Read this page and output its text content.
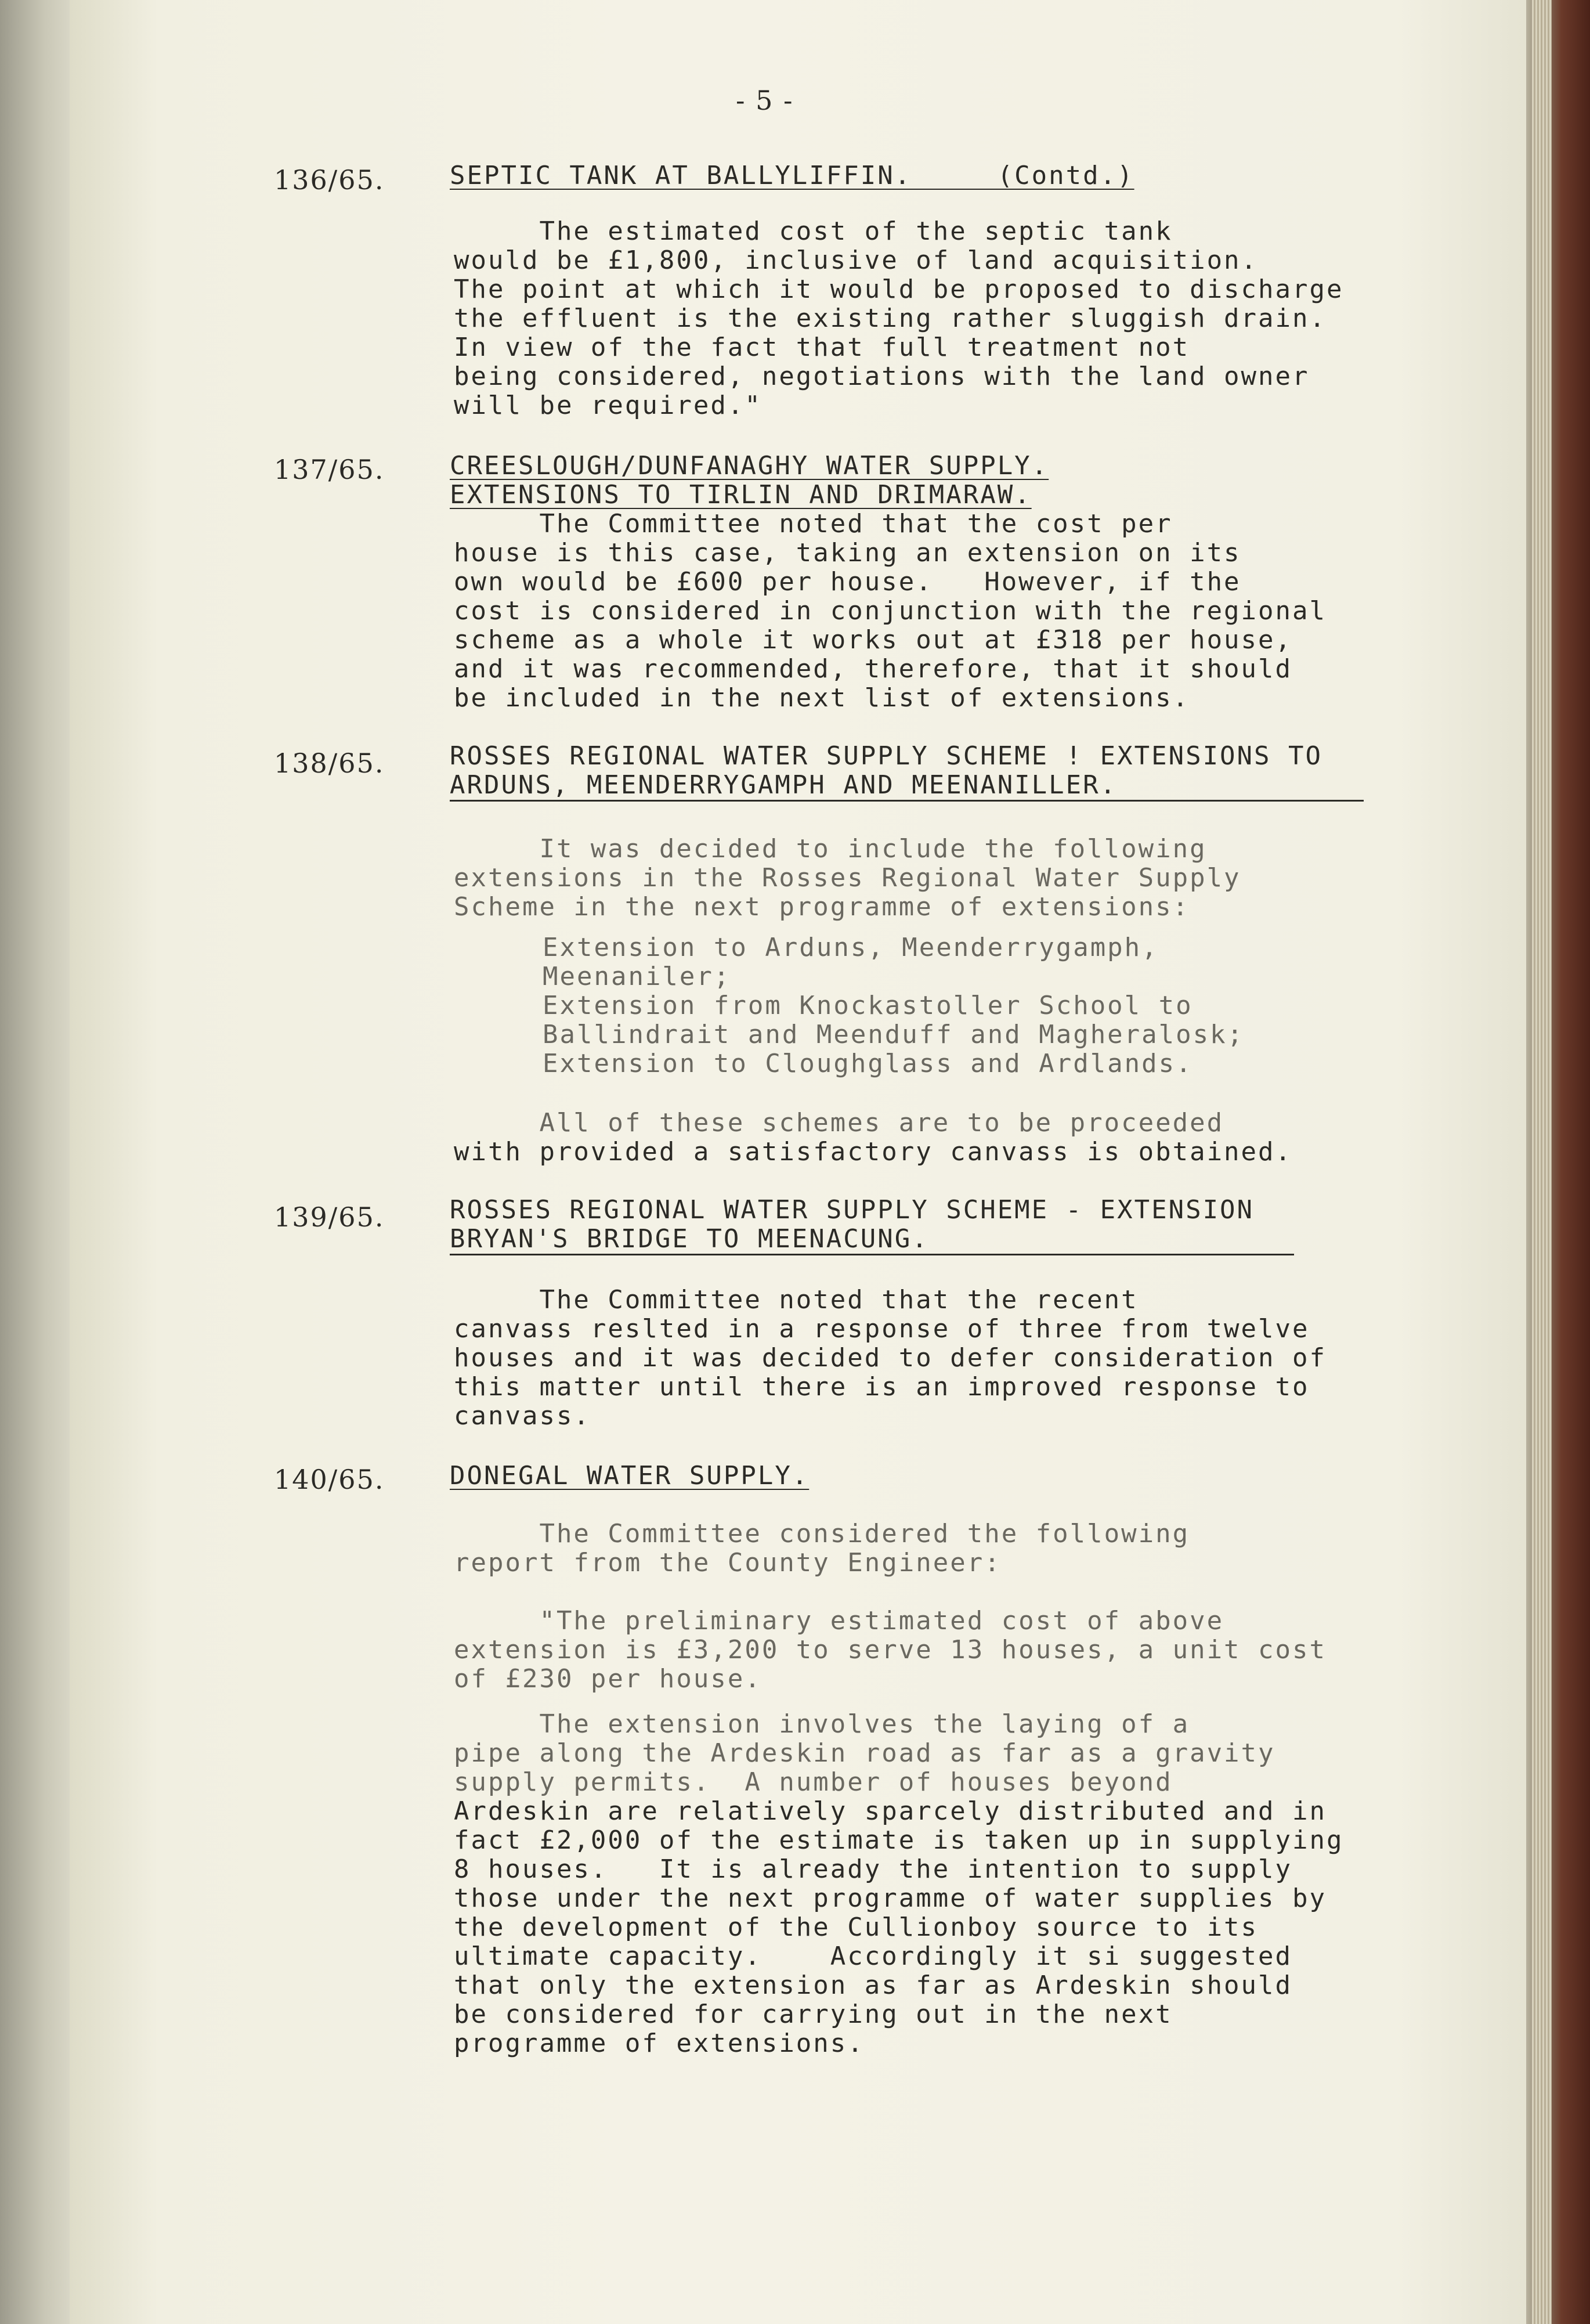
- 5 -
136/65.	SEPTIC TANK AT BALLYLIFFIN.     (Contd.)
The estimated cost of the septic tank
would be £1,800, inclusive of land acquisition.
The point at which it would be proposed to discharge
the effluent is the existing rather sluggish drain.
In view of the fact that full treatment not
being considered, negotiations with the land owner
will be required."
137/65.	CREESLOUGH/DUNFANAGHY WATER SUPPLY.
EXTENSIONS TO TIRLIN AND DRIMARAW.
The Committee noted that the cost per
house is this case, taking an extension on its
own would be £600 per house.   However, if the
cost is considered in conjunction with the regional
scheme as a whole it works out at £318 per house,
and it was recommended, therefore, that it should
be included in the next list of extensions.
138/65.	ROSSES REGIONAL WATER SUPPLY SCHEME ! EXTENSIONS TO
ARDUNS, MEENDERRYGAMPH AND MEENANILLER.
It was decided to include the following
extensions in the Rosses Regional Water Supply
Scheme in the next programme of extensions:
Extension to Arduns, Meenderrygamph,
Meenaniler;
Extension from Knockastoller School to
Ballindrait and Meenduff and Magheralosk;
Extension to Cloughglass and Ardlands.
All of these schemes are to be proceeded
with provided a satisfactory canvass is obtained.
139/65.	ROSSES REGIONAL WATER SUPPLY SCHEME - EXTENSION
BRYAN'S BRIDGE TO MEENACUNG.
The Committee noted that the recent
canvass reslted in a response of three from twelve
houses and it was decided to defer consideration of
this matter until there is an improved response to
canvass.
140/65.	DONEGAL WATER SUPPLY.
The Committee considered the following
report from the County Engineer:
"The preliminary estimated cost of above
extension is £3,200 to serve 13 houses, a unit cost
of £230 per house.
The extension involves the laying of a
pipe along the Ardeskin road as far as a gravity
supply permits.  A number of houses beyond
Ardeskin are relatively sparcely distributed and in
fact £2,000 of the estimate is taken up in supplying
8 houses.   It is already the intention to supply
those under the next programme of water supplies by
the development of the Cullionboy source to its
ultimate capacity.    Accordingly it si suggested
that only the extension as far as Ardeskin should
be considered for carrying out in the next
programme of extensions.
